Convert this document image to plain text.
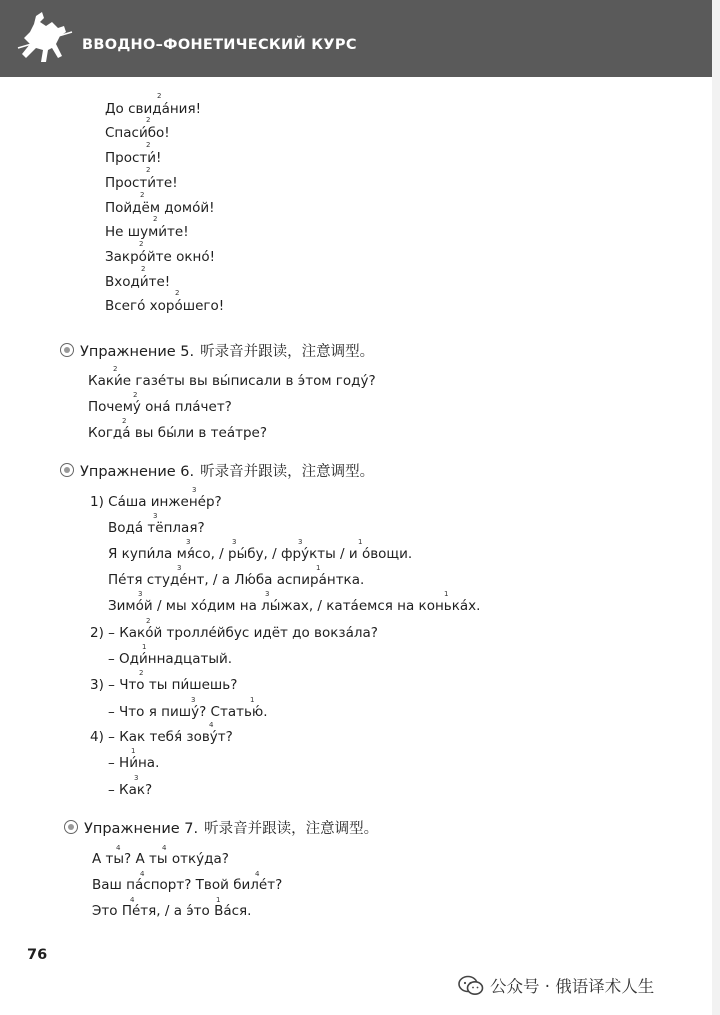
ВВОДНО–ФОНЕТИЧЕСКИЙ КУРС
До свида́ния!
Спаси́бо!
Прости́!
Прости́те!
Пойдём домо́й!
Не шуми́те!
Закро́йте окно́!
Входи́те!
Всего́ хоро́шего!
2
2
2
2
2
2
2
2
2
Упражнение 5. 听录音并跟读，注意调型。
Каки́е газе́ты вы вы́писали в э́том году́?
Почему́ она́ пла́чет?
Когда́ вы бы́ли в теа́тре?
2
2
2
Упражнение 6. 听录音并跟读，注意调型。
1) Са́ша инжене́р?
Вода́ тёплая?
Я купи́ла мя́со, / ры́бу, / фру́кты / и о́вощи.
Пе́тя студе́нт, / а Лю́ба аспира́нтка.
Зимо́й / мы хо́дим на лы́жах, / ката́емся на конька́х.
2) – Како́й тролле́йбус идёт до вокза́ла?
– Оди́ннадцатый.
3) – Что ты пи́шешь?
– Что я пишу́? Статью́.
4) – Как тебя́ зову́т?
– Ни́на.
– Как?
3
3
3	3	3	1
3	1
3	3	1
2
1
2
3	1
4
1
3
Упражнение 7. 听录音并跟读，注意调型。
А ты? А ты отку́да?
Ваш па́спорт? Твой биле́т?
Это Пе́тя, / а э́то Ва́ся.
4	4
4	4
4	1
76
公众号 · 俄语译术人生
